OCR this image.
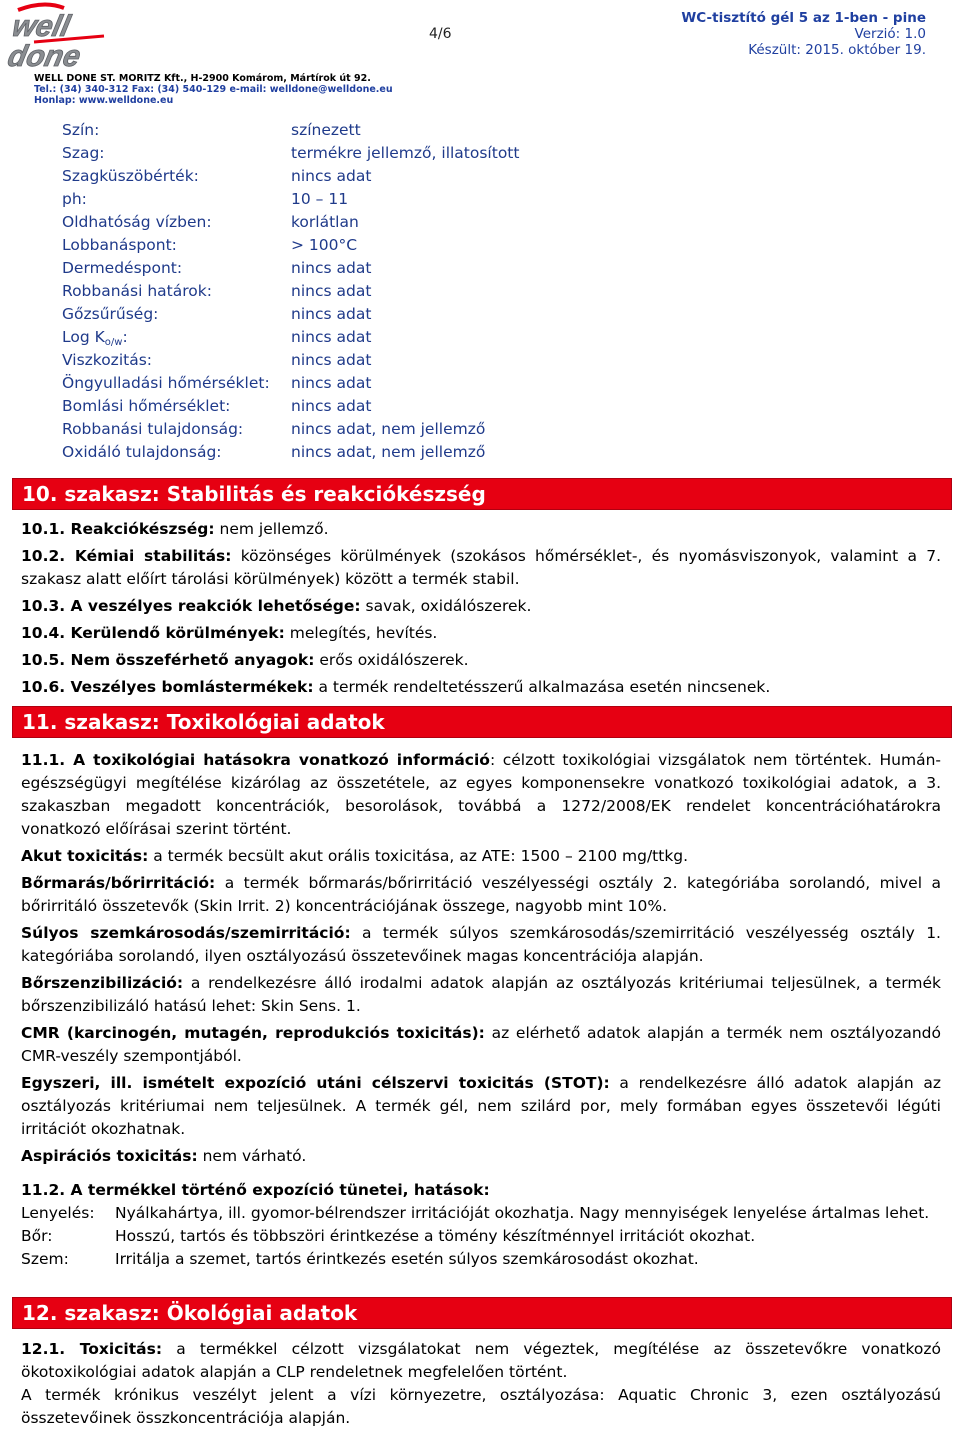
well
done
WELL DONE ST. MORITZ Kft., H-2900 Komárom, Mártírok út 92.
Tel.: (34) 340-312 Fax: (34) 540-129 e-mail: welldone@welldone.eu
Honlap: www.welldone.eu
4/6
WC-tisztító gél 5 az 1-ben - pine
Verzió: 1.0
Készült: 2015. október 19.
Szín:	színezett
Szag:	termékre jellemző, illatosított
Szagküszöbérték:	nincs adat
ph:	10 – 11
Oldhatóság vízben:	korlátlan
Lobbanáspont:	> 100°C
Dermedéspont:	nincs adat
Robbanási határok:	nincs adat
Gőzsűrűség:	nincs adat
Log $K_{o/w}$:	nincs adat
Viszkozitás:	nincs adat
Öngyulladási hőmérséklet: nincs adat
Bomlási hőmérséklet:	nincs adat
Robbanási tulajdonság:	nincs adat, nem jellemző
Oxidáló tulajdonság:	nincs adat, nem jellemző
10. szakasz: Stabilitás és reakciókészség

10.1. Reakciókészség: nem jellemző.

10.2. Kémiai stabilitás: közönséges körülmények (szokásos hőmérséklet-, és nyomásviszonyok, valamint a 7. szakasz alatt előírt tárolási körülmények) között a termék stabil.

10.3. A veszélyes reakciók lehetősége: savak, oxidálószerek.

10.4. Kerülendő körülmények: melegítés, hevítés.

10.5. Nem összeférhető anyagok: erős oxidálószerek.

10.6. Veszélyes bomlástermékek: a termék rendeltetésszerű alkalmazása esetén nincsenek.

11. szakasz: Toxikológiai adatok

11.1. A toxikológiai hatásokra vonatkozó információ: célzott toxikológiai vizsgálatok nem történtek. Humán-egészségügyi megítélése kizárólag az összetétele, az egyes komponensekre vonatkozó toxikológiai adatok, a 3. szakaszban megadott koncentrációk, besorolások, továbbá a 1272/2008/EK rendelet koncentrációhatárokra vonatkozó előírásai szerint történt.

Akut toxicitás: a termék becsült akut orális toxicitása, az ATE: 1500 – 2100 mg/ttkg.

Bőrmarás/bőrirritáció: a termék bőrmarás/bőrirritáció veszélyességi osztály 2. kategóriába sorolandó, mivel a bőrirritáló összetevők (Skin Irrit. 2) koncentrációjának összege, nagyobb mint 10%.

Súlyos szemkárosodás/szemirritáció: a termék súlyos szemkárosodás/szemirritáció veszélyesség osztály 1. kategóriába sorolandó, ilyen osztályozású összetevőinek magas koncentrációja alapján.

Bőrszenzibilizáció: a rendelkezésre álló irodalmi adatok alapján az osztályozás kritériumai teljesülnek, a termék bőrszenzibilizáló hatású lehet: Skin Sens. 1.

CMR (karcinogén, mutagén, reprodukciós toxicitás): az elérhető adatok alapján a termék nem osztályozandó CMR-veszély szempontjából.

Egyszeri, ill. ismételt expozíció utáni célszervi toxicitás (STOT): a rendelkezésre álló adatok alapján az osztályozás kritériumai nem teljesülnek. A termék gél, nem szilárd por, mely formában egyes összetevői légúti irritációt okozhatnak.

Aspirációs toxicitás: nem várható.

11.2. A termékkel történő expozíció tünetei, hatások:

Lenyelés:	Nyálkahártya, ill. gyomor-bélrendszer irritációját okozhatja. Nagy mennyiségek lenyelése ártalmas lehet.
Bőr:	Hosszú, tartós és többszöri érintkezése a tömény készítménnyel irritációt okozhat.
Szem:	Irritálja a szemet, tartós érintkezés esetén súlyos szemkárosodást okozhat.
12. szakasz: Ökológiai adatok

12.1. Toxicitás: a termékkel célzott vizsgálatokat nem végeztek, megítélése az összetevőkre vonatkozó ökotoxikológiai adatok alapján a CLP rendeletnek megfelelően történt.

A termék krónikus veszélyt jelent a vízi környezetre, osztályozása: Aquatic Chronic 3, ezen osztályozású összetevőinek összkoncentrációja alapján.
